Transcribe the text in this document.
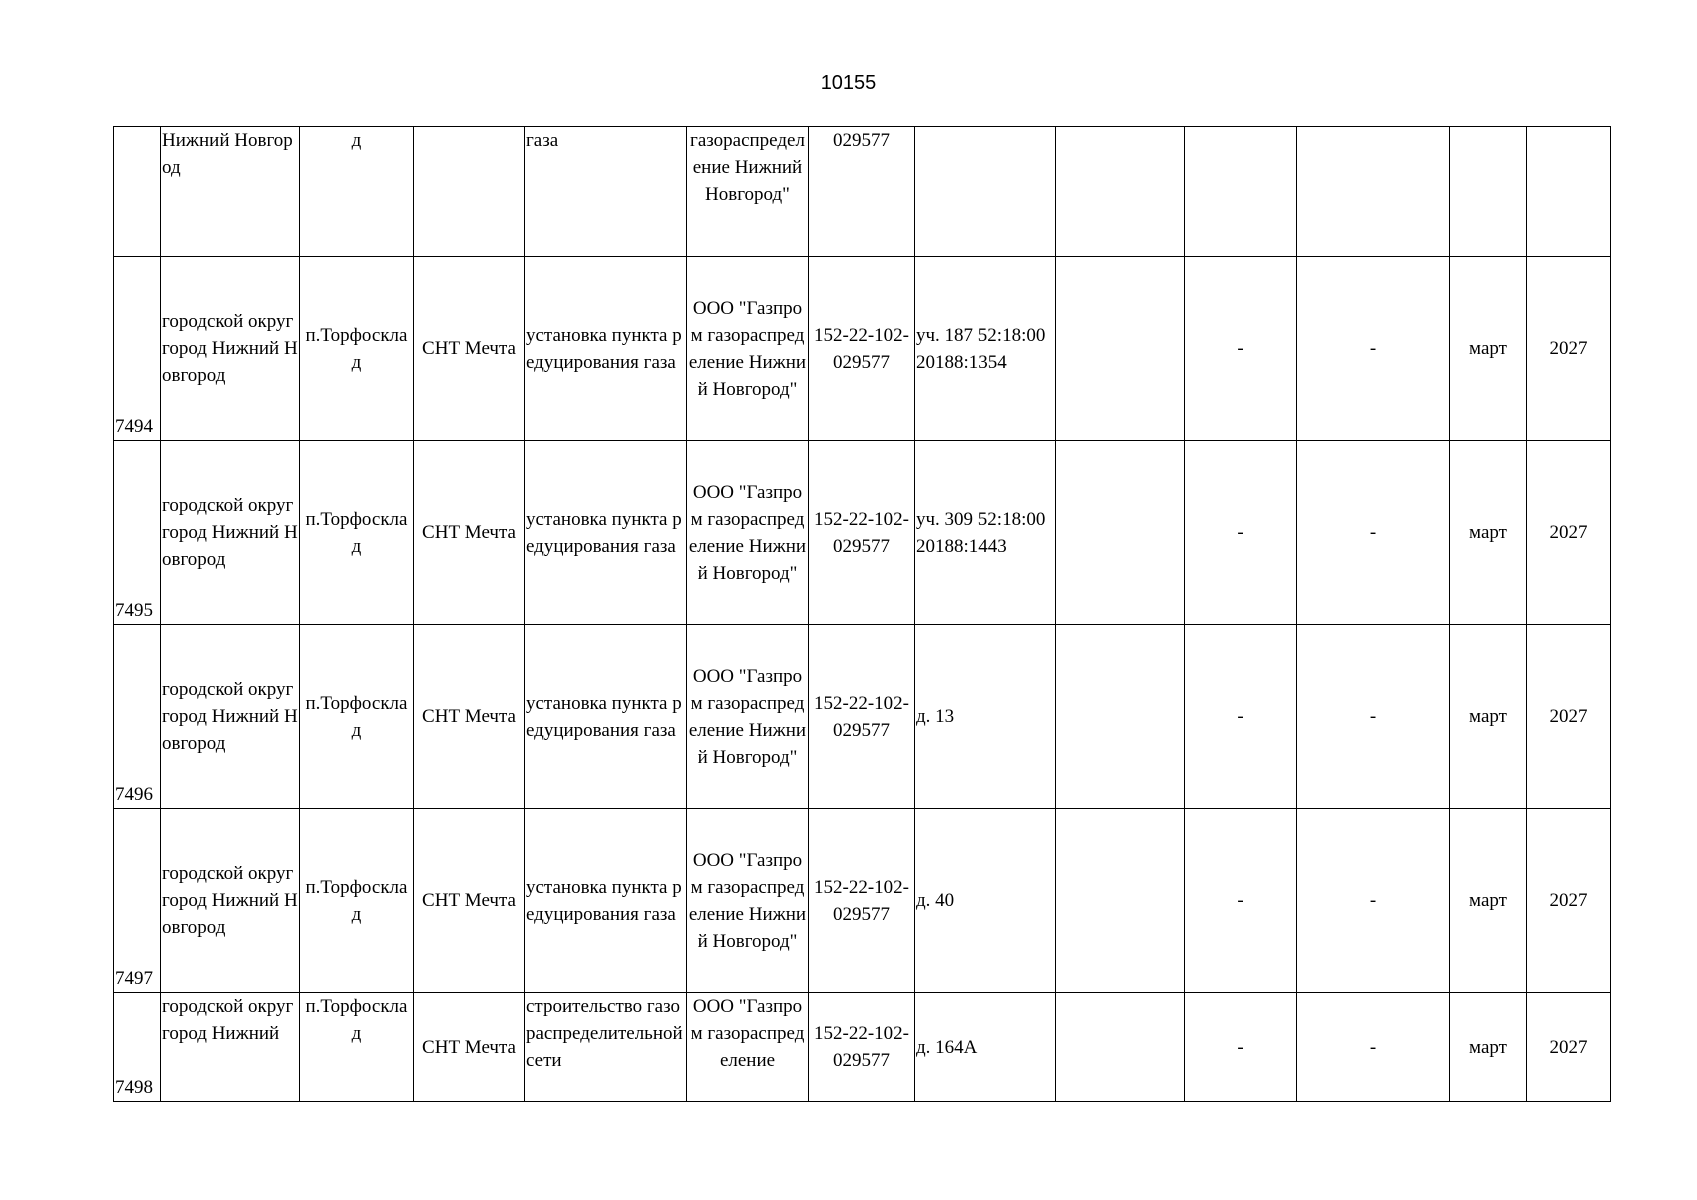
10155
	Нижний Новгород	д		газа	газораспределение Нижний Новгород"	029577						
7494	городской округ город Нижний Новгород	п.Торфосклад	СНТ Мечта	установка пункта редуцирования газа	ООО "Газпром газораспределение Нижний Новгород"	152-22-102-029577	уч. 187 52:18:0020188:1354		-	-	март	2027
7495	городской округ город Нижний Новгород	п.Торфосклад	СНТ Мечта	установка пункта редуцирования газа	ООО "Газпром газораспределение Нижний Новгород"	152-22-102-029577	уч. 309 52:18:0020188:1443		-	-	март	2027
7496	городской округ город Нижний Новгород	п.Торфосклад	СНТ Мечта	установка пункта редуцирования газа	ООО "Газпром газораспределение Нижний Новгород"	152-22-102-029577	д. 13		-	-	март	2027
7497	городской округ город Нижний Новгород	п.Торфосклад	СНТ Мечта	установка пункта редуцирования газа	ООО "Газпром газораспределение Нижний Новгород"	152-22-102-029577	д. 40		-	-	март	2027
7498	городской округ город Нижний	п.Торфосклад	СНТ Мечта	строительство газораспределительной сети	ООО "Газпром газораспределение	152-22-102-029577	д. 164А		-	-	март	2027
